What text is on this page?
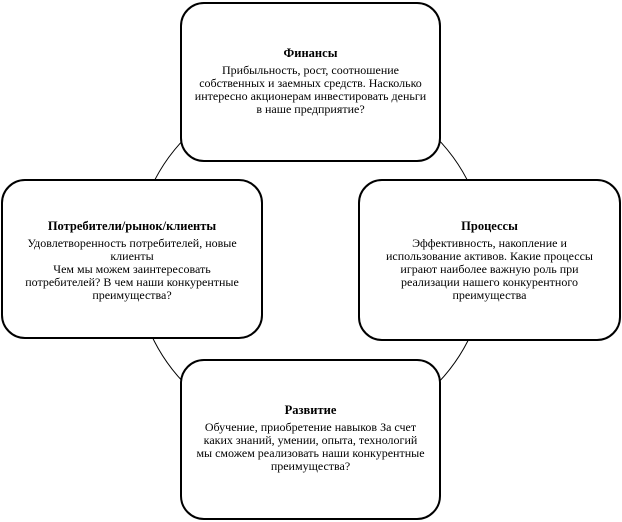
Финансы
Прибыльность, рост, соотношение собственных и заемных средств. Насколько интересно акционерам инвестировать деньги в наше предприятие?
Потребители/рынок/клиенты
Удовлетворенность потребителей, новые клиенты
Чем мы можем заинтересовать потребителей? В чем наши конкурентные преимущества?
Процессы
Эффективность, накопление и использование активов. Какие процессы играют наиболее важную роль при реализации нашего конкурентного преимущества
Развитие
Обучение, приобретение навыков За счет каких знаний, умении, опыта, технологий мы сможем реализовать наши конкурентные преимущества?
